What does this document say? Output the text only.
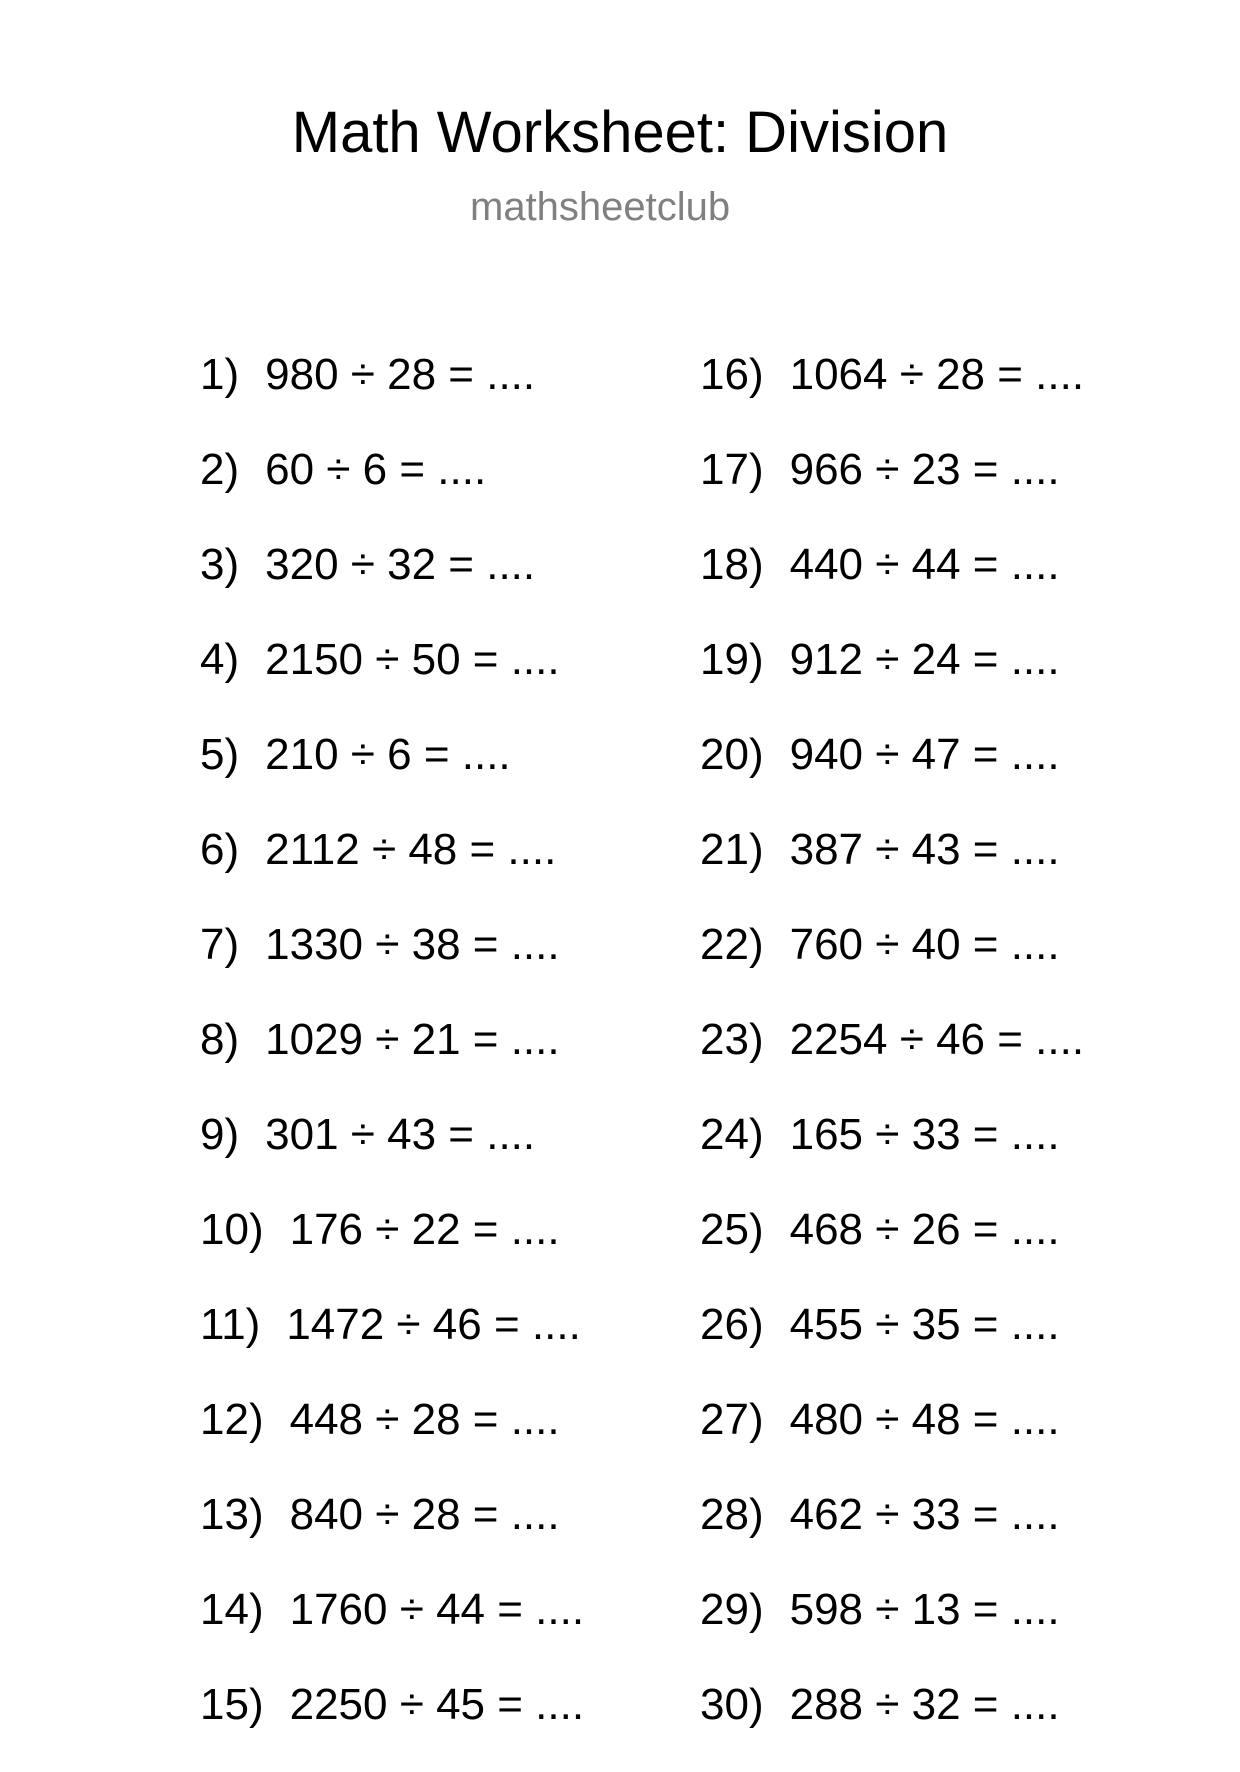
Math Worksheet: Division
mathsheetclub
1) 980 ÷ 28 = ....
2) 60 ÷ 6 = ....
3) 320 ÷ 32 = ....
4) 2150 ÷ 50 = ....
5) 210 ÷ 6 = ....
6) 2112 ÷ 48 = ....
7) 1330 ÷ 38 = ....
8) 1029 ÷ 21 = ....
9) 301 ÷ 43 = ....
10) 176 ÷ 22 = ....
11) 1472 ÷ 46 = ....
12) 448 ÷ 28 = ....
13) 840 ÷ 28 = ....
14) 1760 ÷ 44 = ....
15) 2250 ÷ 45 = ....
16) 1064 ÷ 28 = ....
17) 966 ÷ 23 = ....
18) 440 ÷ 44 = ....
19) 912 ÷ 24 = ....
20) 940 ÷ 47 = ....
21) 387 ÷ 43 = ....
22) 760 ÷ 40 = ....
23) 2254 ÷ 46 = ....
24) 165 ÷ 33 = ....
25) 468 ÷ 26 = ....
26) 455 ÷ 35 = ....
27) 480 ÷ 48 = ....
28) 462 ÷ 33 = ....
29) 598 ÷ 13 = ....
30) 288 ÷ 32 = ....
